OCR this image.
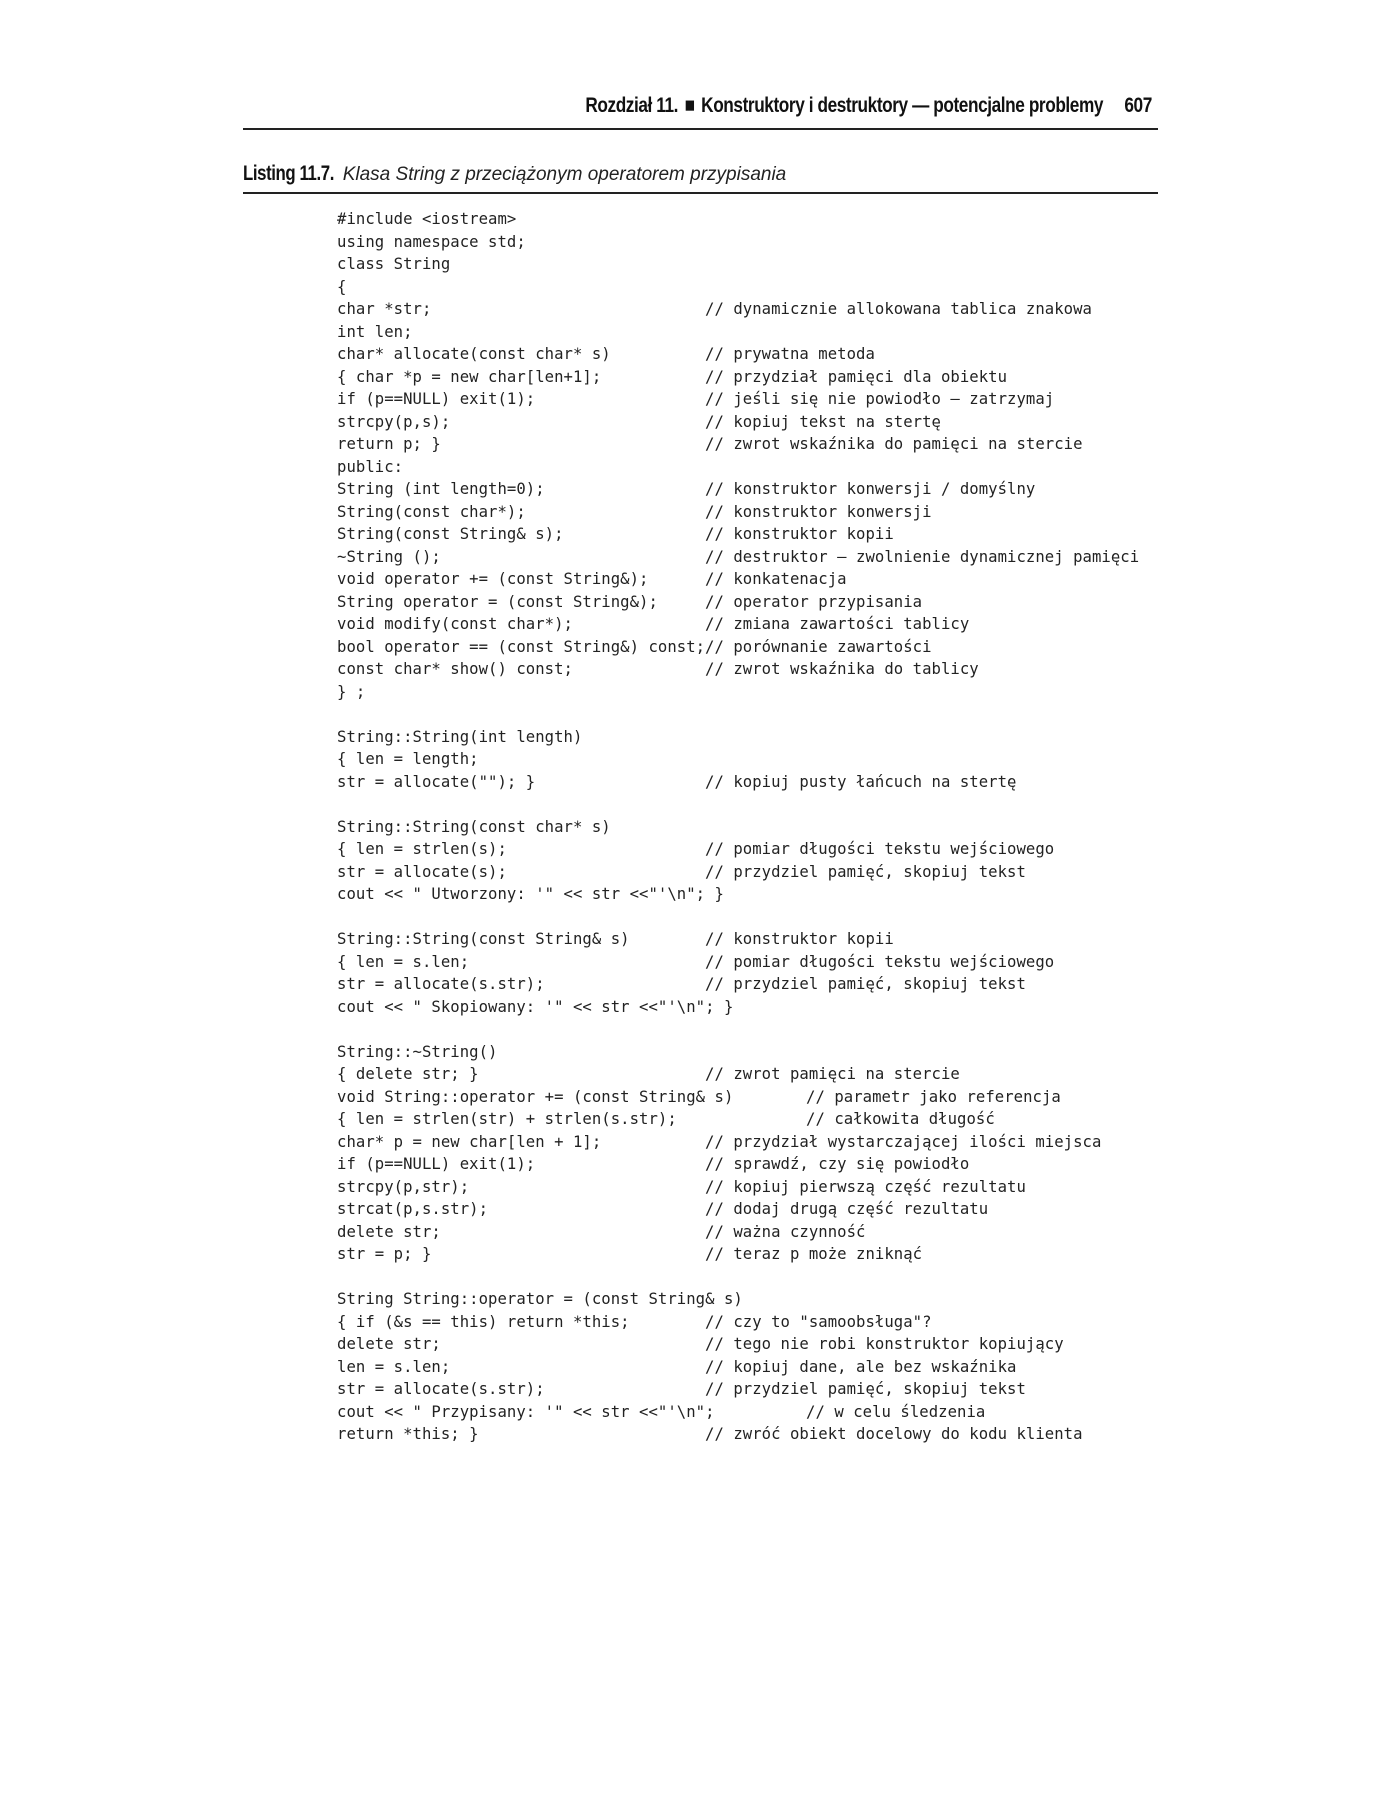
Rozdział 11. ■ Konstruktory i destruktory — potencjalne problemy 607
Listing 11.7. Klasa String z przeciążonym operatorem przypisania
#include <iostream>
using namespace std;
class String
{
char *str;	// dynamicznie allokowana tablica znakowa
int len;
char* allocate(const char* s)	// prywatna metoda
{ char *p = new char[len+1];	// przydział pamięci dla obiektu
if (p==NULL) exit(1);	// jeśli się nie powiodło — zatrzymaj
strcpy(p,s);	// kopiuj tekst na stertę
return p; }	// zwrot wskaźnika do pamięci na stercie
public:
String (int length=0);	// konstruktor konwersji / domyślny
String(const char*);	// konstruktor konwersji
String(const String& s);	// konstruktor kopii
~String ();	// destruktor — zwolnienie dynamicznej pamięci
void operator += (const String&);	// konkatenacja
String operator = (const String&);	// operator przypisania
void modify(const char*);	// zmiana zawartości tablicy
bool operator == (const String&) const; // porównanie zawartości
const char* show() const;	// zwrot wskaźnika do tablicy
} ;
String::String(int length)
{ len = length;
str = allocate(""); }	// kopiuj pusty łańcuch na stertę
String::String(const char* s)
{ len = strlen(s);	// pomiar długości tekstu wejściowego
str = allocate(s);	// przydziel pamięć, skopiuj tekst
cout << " Utworzony: '" << str <<"'\n"; }
String::String(const String& s)	// konstruktor kopii
{ len = s.len;	// pomiar długości tekstu wejściowego
str = allocate(s.str);	// przydziel pamięć, skopiuj tekst
cout << " Skopiowany: '" << str <<"'\n"; }
String::~String()
{ delete str; }	// zwrot pamięci na stercie
void String::operator += (const String& s)	// parametr jako referencja
{ len = strlen(str) + strlen(s.str);	// całkowita długość
char* p = new char[len + 1];	// przydział wystarczającej ilości miejsca
if (p==NULL) exit(1);	// sprawdź, czy się powiodło
strcpy(p,str);	// kopiuj pierwszą część rezultatu
strcat(p,s.str);	// dodaj drugą część rezultatu
delete str;	// ważna czynność
str = p; }	// teraz p może zniknąć
String String::operator = (const String& s)
{ if (&s == this) return *this;	// czy to "samoobsługa"?
delete str;	// tego nie robi konstruktor kopiujący
len = s.len;	// kopiuj dane, ale bez wskaźnika
str = allocate(s.str);	// przydziel pamięć, skopiuj tekst
cout << " Przypisany: '" << str <<"'\n";	// w celu śledzenia
return *this; }	// zwróć obiekt docelowy do kodu klienta
